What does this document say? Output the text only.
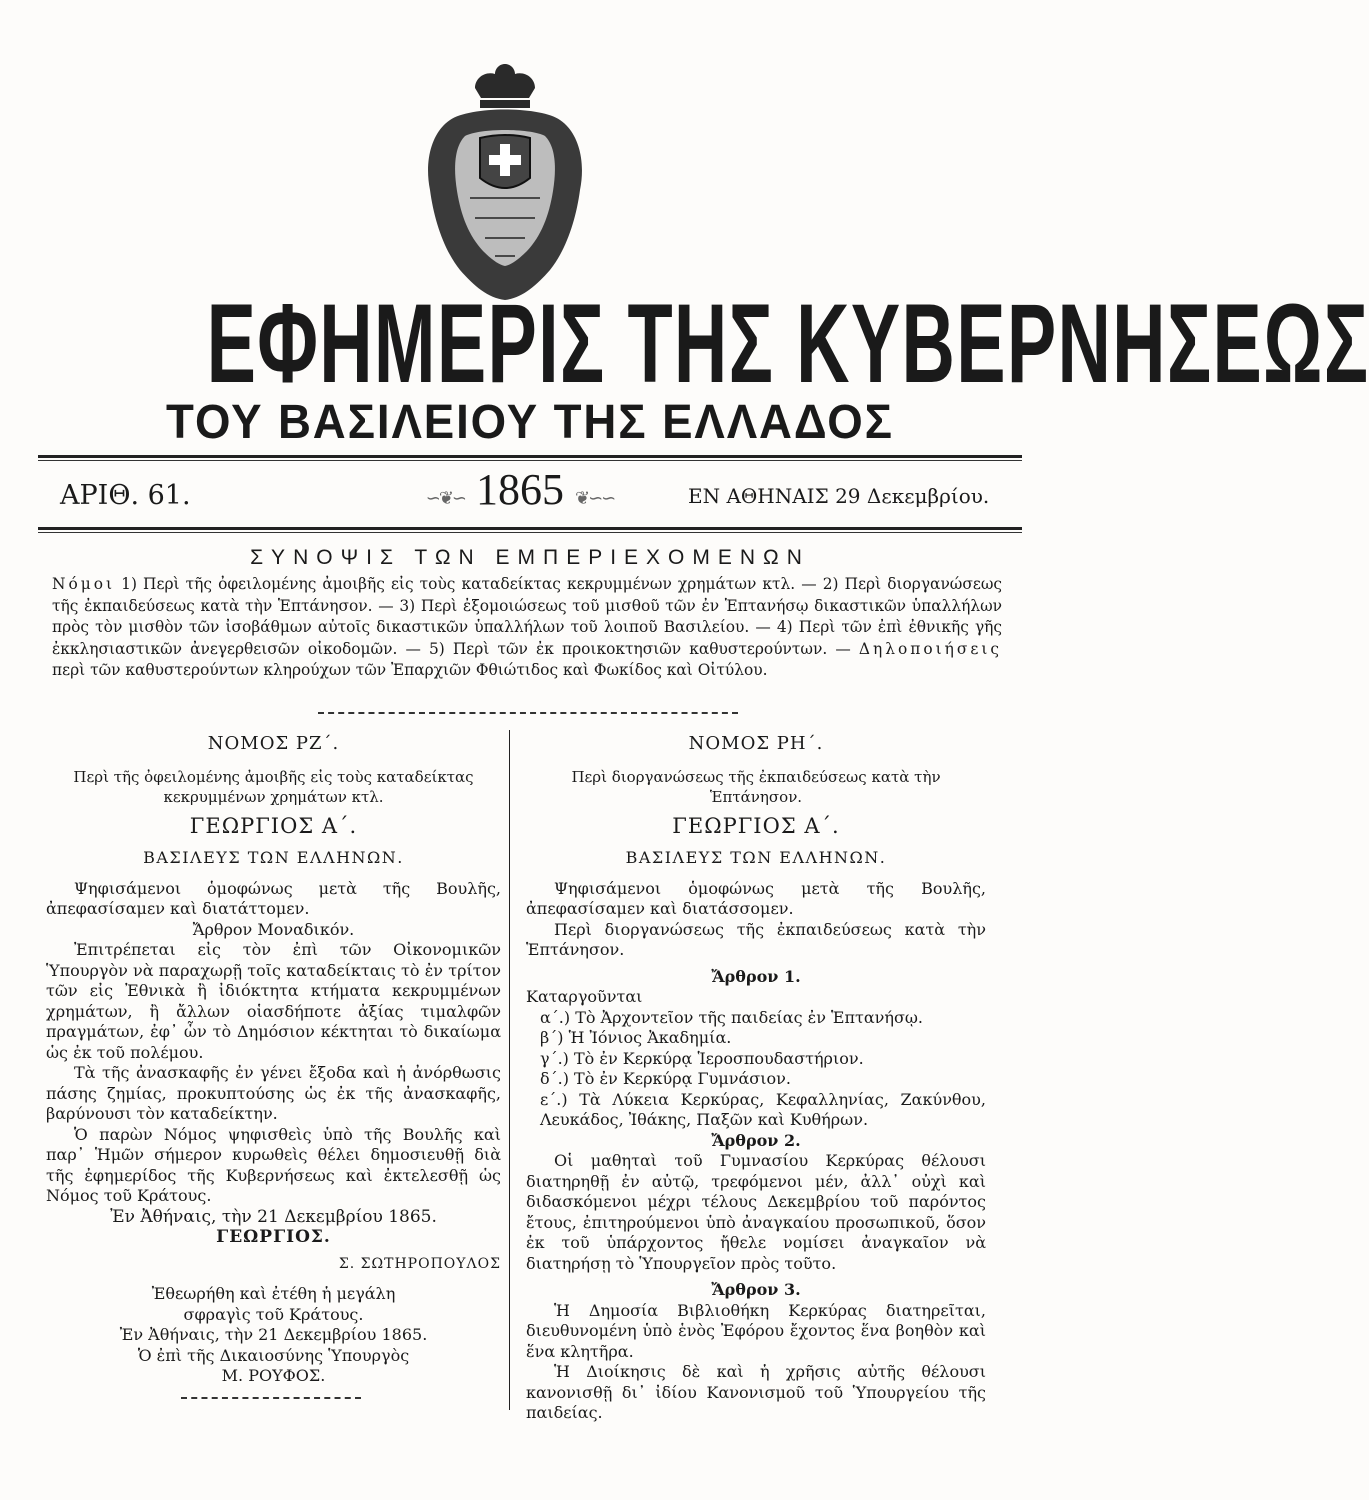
ΕΦΗΜΕΡΙΣ ΤΗΣ ΚΥΒΕΡΝΗΣΕΩΣ
ΤΟΥ ΒΑΣΙΛΕΙΟΥ ΤΗΣ ΕΛΛΑΔΟΣ
ΑΡΙΘ. 61.	∽❦∽ 1865 ❦∽∽	ΕΝ ΑΘΗΝΑΙΣ 29 Δεκεμβρίου.
ΣΥΝΟΨΙΣ ΤΩΝ ΕΜΠΕΡΙΕΧΟΜΕΝΩΝ
Νόμοι 1) Περὶ τῆς ὀφειλομένης ἀμοιβῆς εἰς τοὺς καταδείκτας κεκρυμμένων χρημάτων κτλ. — 2) Περὶ διοργανώσεως τῆς ἐκπαιδεύσεως κατὰ τὴν Ἑπτάνησον. — 3) Περὶ ἐξομοιώσεως τοῦ μισθοῦ τῶν ἐν Ἑπτανήσῳ δικαστικῶν ὑπαλλήλων πρὸς τὸν μισθὸν τῶν ἰσοβάθμων αὐτοῖς δικαστικῶν ὑπαλλήλων τοῦ λοιποῦ Βασιλείου. — 4) Περὶ τῶν ἐπὶ ἐθνικῆς γῆς ἐκκλησιαστικῶν ἀνεγερθεισῶν οἰκοδομῶν. — 5) Περὶ τῶν ἐκ προικοκτησιῶν καθυστερούντων. — Δηλοποιήσεις περὶ τῶν καθυστερούντων κληρούχων τῶν Ἐπαρχιῶν Φθιώτιδος καὶ Φωκίδος καὶ Οἰτύλου.
ΝΟΜΟΣ ΡΖ΄.
Περὶ τῆς ὀφειλομένης ἀμοιβῆς εἰς τοὺς καταδείκτας κεκρυμμένων χρημάτων κτλ.
ΓΕΩΡΓΙΟΣ Α΄.
ΒΑΣΙΛΕΥΣ ΤΩΝ ΕΛΛΗΝΩΝ.
Ψηφισάμενοι ὁμοφώνως μετὰ τῆς Βουλῆς, ἀπεφασίσαμεν καὶ διατάττομεν.
Ἄρθρον Μοναδικόν.
Ἐπιτρέπεται εἰς τὸν ἐπὶ τῶν Οἰκονομικῶν Ὑπουργὸν νὰ παραχωρῇ τοῖς καταδείκταις τὸ ἐν τρίτον τῶν εἰς Ἐθνικὰ ἢ ἰδιόκτητα κτήματα κεκρυμμένων χρημάτων, ἢ ἄλλων οἱασδήποτε ἀξίας τιμαλφῶν πραγμάτων, ἐφ᾽ ὧν τὸ Δημόσιον κέκτηται τὸ δικαίωμα ὡς ἐκ τοῦ πολέμου.
Τὰ τῆς ἀνασκαφῆς ἐν γένει ἔξοδα καὶ ἡ ἀνόρθωσις πάσης ζημίας, προκυπτούσης ὡς ἐκ τῆς ἀνασκαφῆς, βαρύνουσι τὸν καταδείκτην.
Ὁ παρὼν Νόμος ψηφισθεὶς ὑπὸ τῆς Βουλῆς καὶ παρ᾽ Ἡμῶν σήμερον κυρωθεὶς θέλει δημοσιευθῇ διὰ τῆς ἐφημερίδος τῆς Κυβερνήσεως καὶ ἐκτελεσθῇ ὡς Νόμος τοῦ Κράτους.
Ἐν Ἀθήναις, τὴν 21 Δεκεμβρίου 1865.
ΓΕΩΡΓΙΟΣ.
Σ. ΣΩΤΗΡΟΠΟΥΛΟΣ
Ἐθεωρήθη καὶ ἐτέθη ἡ μεγάλη
σφραγὶς τοῦ Κράτους.
Ἐν Ἀθήναις, τὴν 21 Δεκεμβρίου 1865.
Ὁ ἐπὶ τῆς Δικαιοσύνης Ὑπουργὸς
Μ. ΡΟΥΦΟΣ.
ΝΟΜΟΣ ΡΗ΄.
Περὶ διοργανώσεως τῆς ἐκπαιδεύσεως κατὰ τὴν Ἑπτάνησον.
ΓΕΩΡΓΙΟΣ Α΄.
ΒΑΣΙΛΕΥΣ ΤΩΝ ΕΛΛΗΝΩΝ.
Ψηφισάμενοι ὁμοφώνως μετὰ τῆς Βουλῆς, ἀπεφασίσαμεν καὶ διατάσσομεν.
Περὶ διοργανώσεως τῆς ἐκπαιδεύσεως κατὰ τὴν Ἑπτάνησον.
Ἄρθρον 1.
Καταργοῦνται
α΄.) Τὸ Ἀρχοντεῖον τῆς παιδείας ἐν Ἑπτανήσῳ.
β΄) Ἡ Ἰόνιος Ἀκαδημία.
γ΄.) Τὸ ἐν Κερκύρᾳ Ἱεροσπουδαστήριον.
δ΄.) Τὸ ἐν Κερκύρᾳ Γυμνάσιον.
ε΄.) Τὰ Λύκεια Κερκύρας, Κεφαλληνίας, Ζακύνθου, Λευκάδος, Ἰθάκης, Παξῶν καὶ Κυθήρων.
Ἄρθρον 2.
Οἱ μαθηταὶ τοῦ Γυμνασίου Κερκύρας θέλουσι διατηρηθῇ ἐν αὐτῷ, τρεφόμενοι μέν, ἀλλ᾽ οὐχὶ καὶ διδασκόμενοι μέχρι τέλους Δεκεμβρίου τοῦ παρόντος ἔτους, ἐπιτηρούμενοι ὑπὸ ἀναγκαίου προσωπικοῦ, ὅσον ἐκ τοῦ ὑπάρχοντος ἤθελε νομίσει ἀναγκαῖον νὰ διατηρήσῃ τὸ Ὑπουργεῖον πρὸς τοῦτο.
Ἄρθρον 3.
Ἡ Δημοσία Βιβλιοθήκη Κερκύρας διατηρεῖται, διευθυνομένη ὑπὸ ἑνὸς Ἐφόρου ἔχοντος ἕνα βοηθὸν καὶ ἕνα κλητῆρα.
Ἡ Διοίκησις δὲ καὶ ἡ χρῆσις αὐτῆς θέλουσι κανονισθῇ δι᾽ ἰδίου Κανονισμοῦ τοῦ Ὑπουργείου τῆς παιδείας.
